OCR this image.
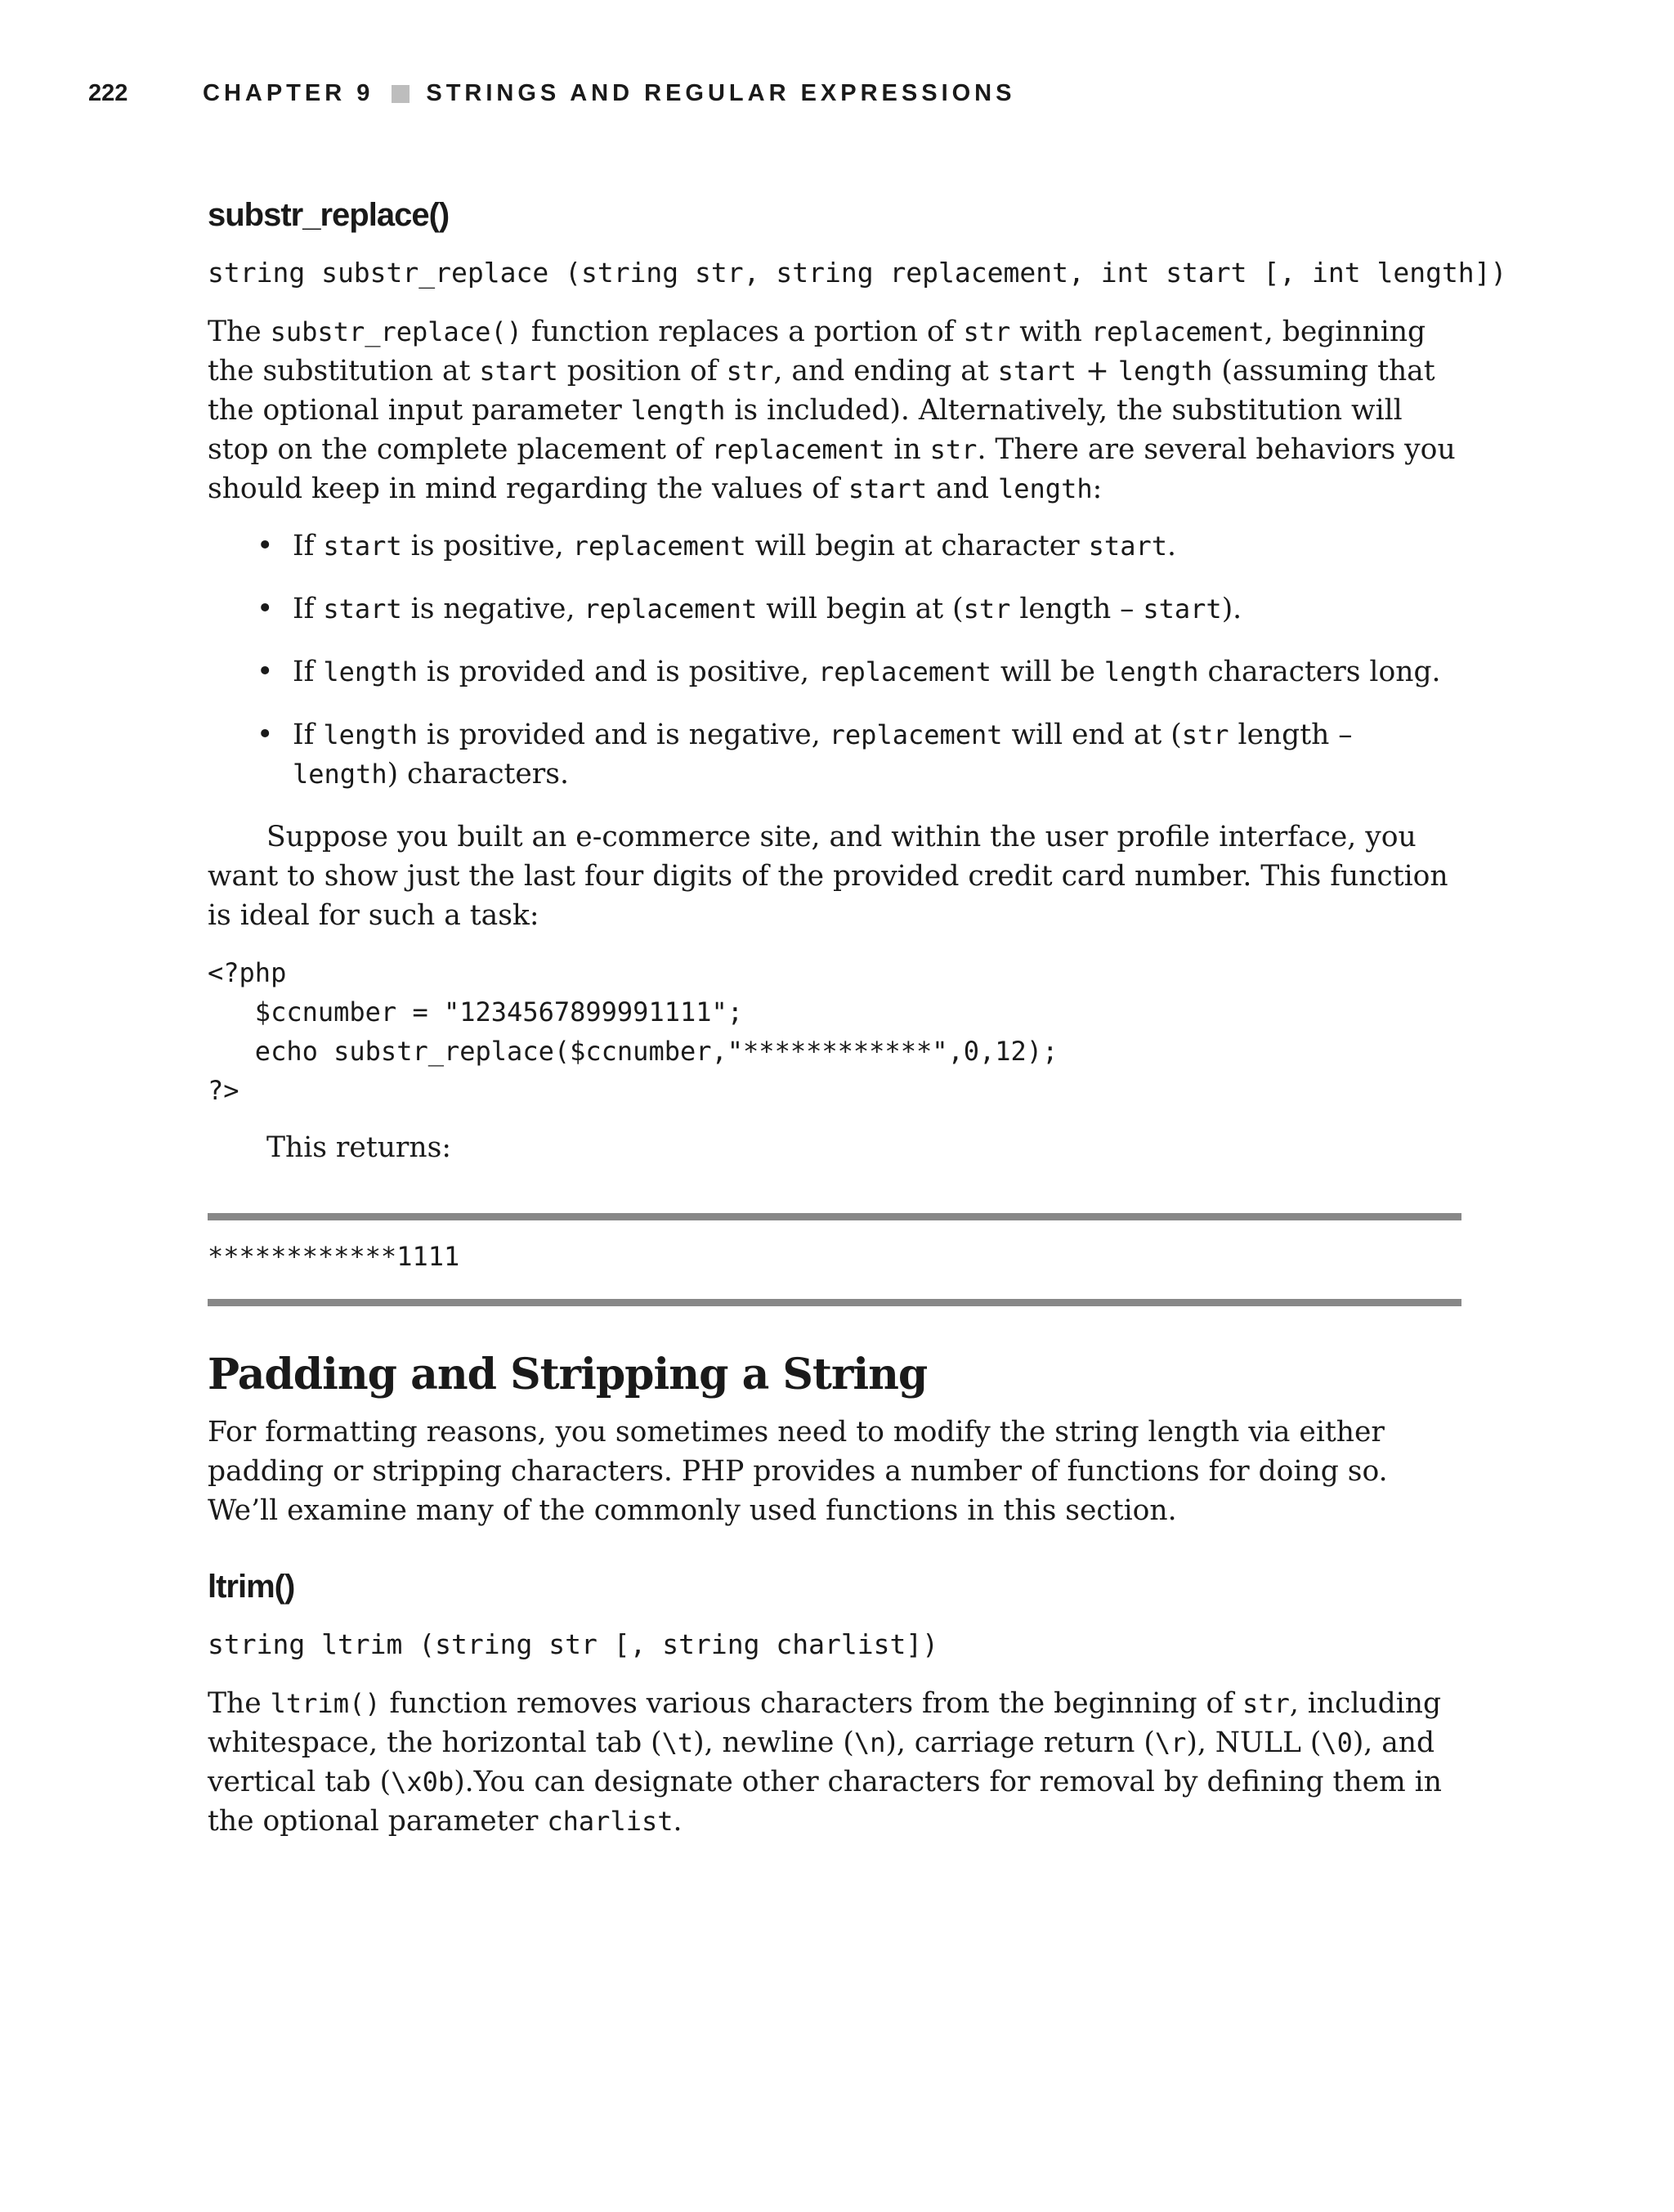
222	CHAPTER 9 STRINGS AND REGULAR EXPRESSIONS
substr_replace()
string substr_replace (string str, string replacement, int start [, int length])

The substr_replace() function replaces a portion of str with replacement, beginning the substitution at start position of str, and ending at start + length (assuming that the optional input parameter length is included). Alternatively, the substitution will stop on the complete placement of replacement in str. There are several behaviors you should keep in mind regarding the values of start and length:

• If start is positive, replacement will begin at character start.
• If start is negative, replacement will begin at (str length – start).
• If length is provided and is positive, replacement will be length characters long.
• If length is provided and is negative, replacement will end at (str length – length) characters.

Suppose you built an e-commerce site, and within the user profile interface, you want to show just the last four digits of the provided credit card number. This function is ideal for such a task:

<?php
$ccnumber = "1234567899991111";
echo substr_replace($ccnumber,"************",0,12);
?>

This returns:

************1111
Padding and Stripping a String

For formatting reasons, you sometimes need to modify the string length via either padding or stripping characters. PHP provides a number of functions for doing so. We’ll examine many of the commonly used functions in this section.

ltrim()
string ltrim (string str [, string charlist])

The ltrim() function removes various characters from the beginning of str, including whitespace, the horizontal tab (\t), newline (\n), carriage return (\r), NULL (\0), and vertical tab (\x0b).You can designate other characters for removal by defining them in the optional parameter charlist.
